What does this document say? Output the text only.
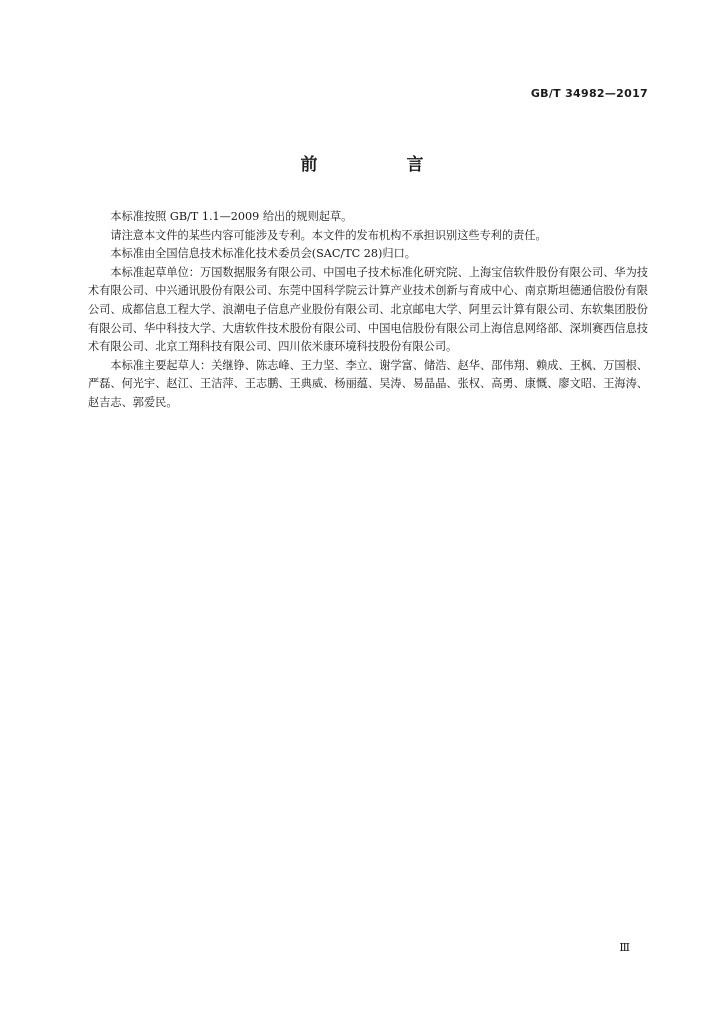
GB/T 34982—2017
前　言

本标准按照 GB/T 1.1—2009 给出的规则起草。

请注意本文件的某些内容可能涉及专利。本文件的发布机构不承担识别这些专利的责任。

本标准由全国信息技术标准化技术委员会(SAC/TC 28)归口。

本标准起草单位：万国数据服务有限公司、中国电子技术标准化研究院、上海宝信软件股份有限公司、华为技术有限公司、中兴通讯股份有限公司、东莞中国科学院云计算产业技术创新与育成中心、南京斯坦德通信股份有限公司、成都信息工程大学、浪潮电子信息产业股份有限公司、北京邮电大学、阿里云计算有限公司、东软集团股份有限公司、华中科技大学、大唐软件技术股份有限公司、中国电信股份有限公司上海信息网络部、深圳赛西信息技术有限公司、北京工翔科技有限公司、四川依米康环境科技股份有限公司。

本标准主要起草人：关继铮、陈志峰、王力坚、李立、谢学富、储浩、赵华、邵伟翔、赖成、王枫、万国根、严磊、何光宇、赵江、王洁萍、王志鹏、王典威、杨丽蕴、吴涛、易晶晶、张权、高勇、康慨、廖文昭、王海涛、赵吉志、郭爱民。

Ⅲ
